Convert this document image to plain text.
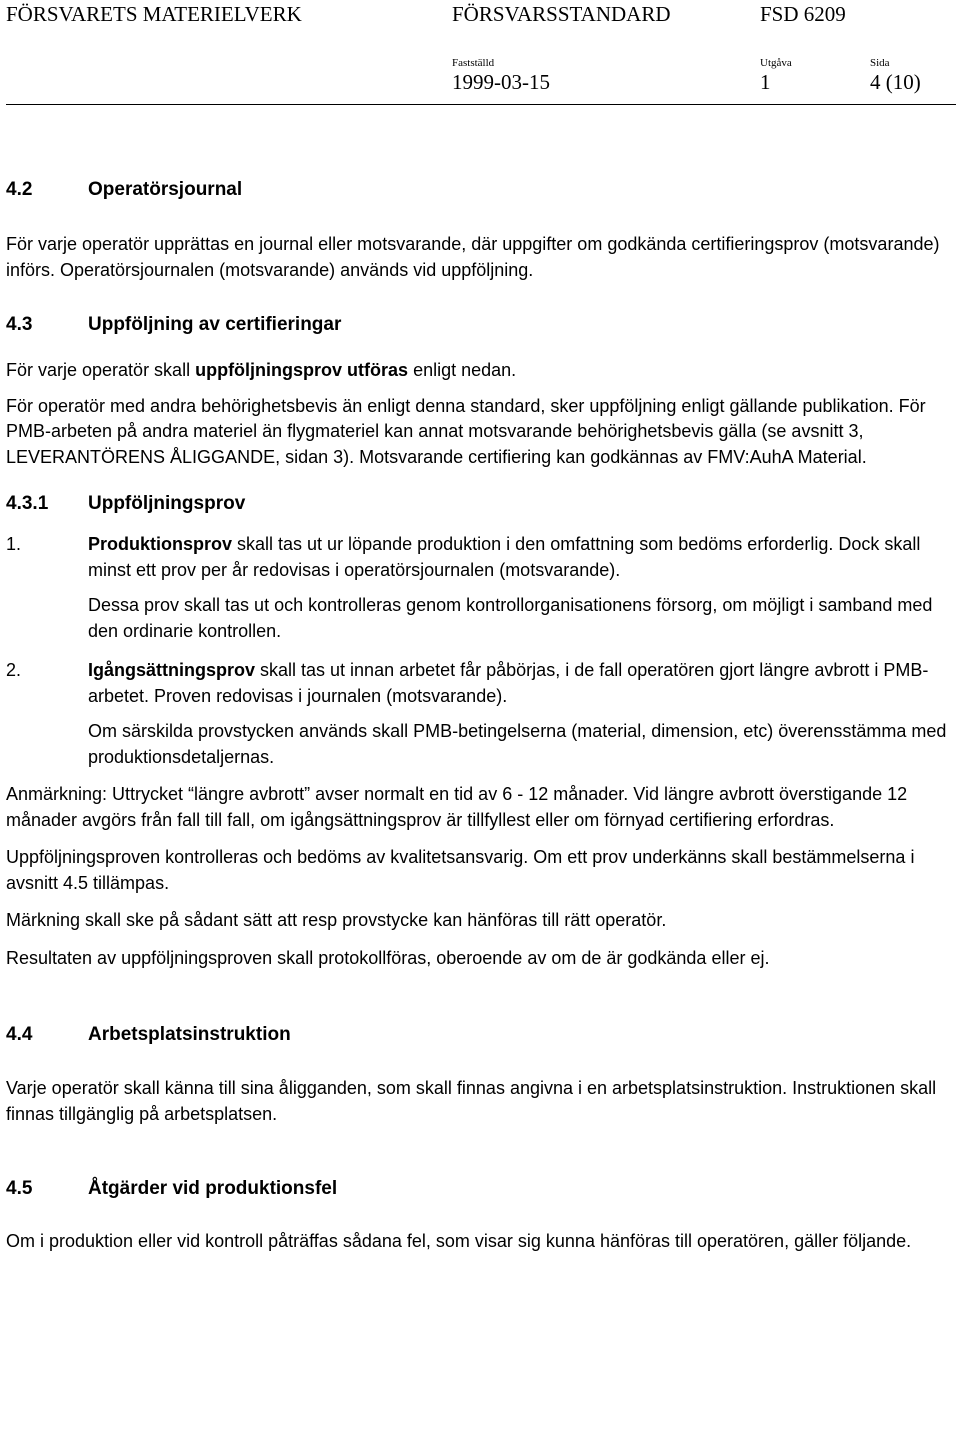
FÖRSVARETS MATERIELVERK	FÖRSVARSSTANDARD	FSD 6209
Fastställd	Utgåva	Sida
1999-03-15	1	4 (10)
4.2	Operatörsjournal

För varje operatör upprättas en journal eller motsvarande, där uppgifter om godkända certifieringsprov (motsvarande) införs. Operatörsjournalen (motsvarande) används vid uppföljning.

4.3	Uppföljning av certifieringar

För varje operatör skall uppföljningsprov utföras enligt nedan.

För operatör med andra behörighetsbevis än enligt denna standard, sker uppföljning enligt gällande publikation. För PMB-arbeten på andra materiel än flygmateriel kan annat motsvarande behörighetsbevis gälla (se avsnitt 3, LEVERANTÖRENS ÅLIGGANDE, sidan 3). Motsvarande certifiering kan godkännas av FMV:AuhA Material.

4.3.1 Uppföljningsprov
1.	Produktionsprov skall tas ut ur löpande produktion i den omfattning som bedöms erforderlig. Dock skall minst ett prov per år redovisas i operatörsjournalen (motsvarande).

Dessa prov skall tas ut och kontrolleras genom kontrollorganisationens försorg, om möjligt i samband med den ordinarie kontrollen.

2.	Igångsättningsprov skall tas ut innan arbetet får påbörjas, i de fall operatören gjort längre avbrott i PMB-arbetet. Proven redovisas i journalen (motsvarande).

Om särskilda provstycken används skall PMB-betingelserna (material, dimension, etc) överensstämma med produktionsdetaljernas.

Anmärkning: Uttrycket “längre avbrott” avser normalt en tid av 6 - 12 månader. Vid längre avbrott överstigande 12 månader avgörs från fall till fall, om igångsättningsprov är tillfyllest eller om förnyad certifiering erfordras.

Uppföljningsproven kontrolleras och bedöms av kvalitetsansvarig. Om ett prov underkänns skall bestämmelserna i avsnitt 4.5 tillämpas.

Märkning skall ske på sådant sätt att resp provstycke kan hänföras till rätt operatör.

Resultaten av uppföljningsproven skall protokollföras, oberoende av om de är godkända eller ej.

4.4	Arbetsplatsinstruktion

Varje operatör skall känna till sina åligganden, som skall finnas angivna i en arbetsplatsinstruktion. Instruktionen skall finnas tillgänglig på arbetsplatsen.

4.5	Åtgärder vid produktionsfel

Om i produktion eller vid kontroll påträffas sådana fel, som visar sig kunna hänföras till operatören, gäller följande.
